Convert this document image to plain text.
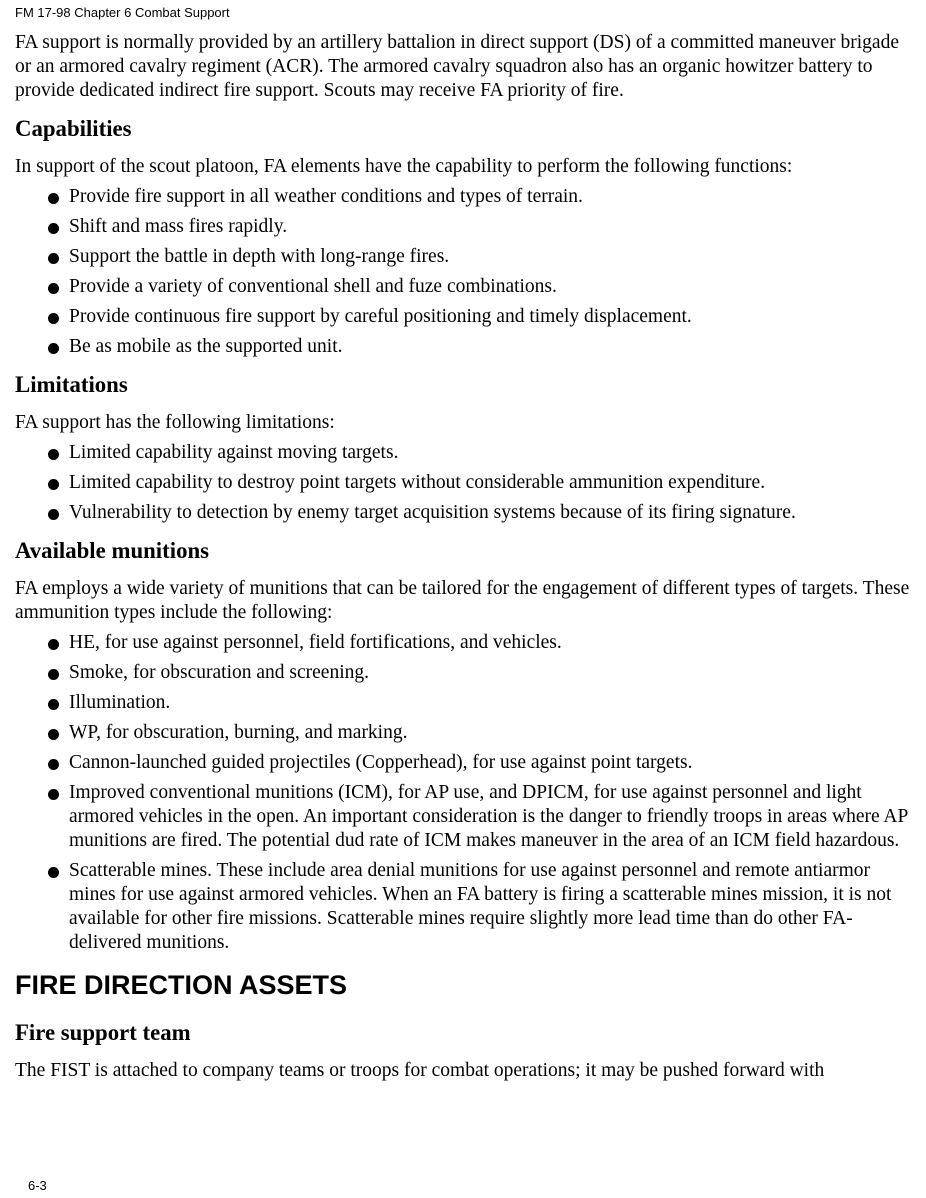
FM 17-98 Chapter 6 Combat Support

FA support is normally provided by an artillery battalion in direct support (DS) of a committed maneuver brigade or an armored cavalry regiment (ACR). The armored cavalry squadron also has an organic howitzer battery to provide dedicated indirect fire support. Scouts may receive FA priority of fire.

Capabilities

In support of the scout platoon, FA elements have the capability to perform the following functions:

Provide fire support in all weather conditions and types of terrain.
Shift and mass fires rapidly.
Support the battle in depth with long-range fires.
Provide a variety of conventional shell and fuze combinations.
Provide continuous fire support by careful positioning and timely displacement.
Be as mobile as the supported unit.
Limitations

FA support has the following limitations:

Limited capability against moving targets.
Limited capability to destroy point targets without considerable ammunition expenditure.
Vulnerability to detection by enemy target acquisition systems because of its firing signature.
Available munitions

FA employs a wide variety of munitions that can be tailored for the engagement of different types of targets. These ammunition types include the following:

HE, for use against personnel, field fortifications, and vehicles.
Smoke, for obscuration and screening.
Illumination.
WP, for obscuration, burning, and marking.
Cannon-launched guided projectiles (Copperhead), for use against point targets.
Improved conventional munitions (ICM), for AP use, and DPICM, for use against personnel and light armored vehicles in the open. An important consideration is the danger to friendly troops in areas where AP munitions are fired. The potential dud rate of ICM makes maneuver in the area of an ICM field hazardous.
Scatterable mines. These include area denial munitions for use against personnel and remote antiarmor mines for use against armored vehicles. When an FA battery is firing a scatterable mines mission, it is not available for other fire missions. Scatterable mines require slightly more lead time than do other FA-delivered munitions.
FIRE DIRECTION ASSETS
Fire support team

The FIST is attached to company teams or troops for combat operations; it may be pushed forward with

6-3
